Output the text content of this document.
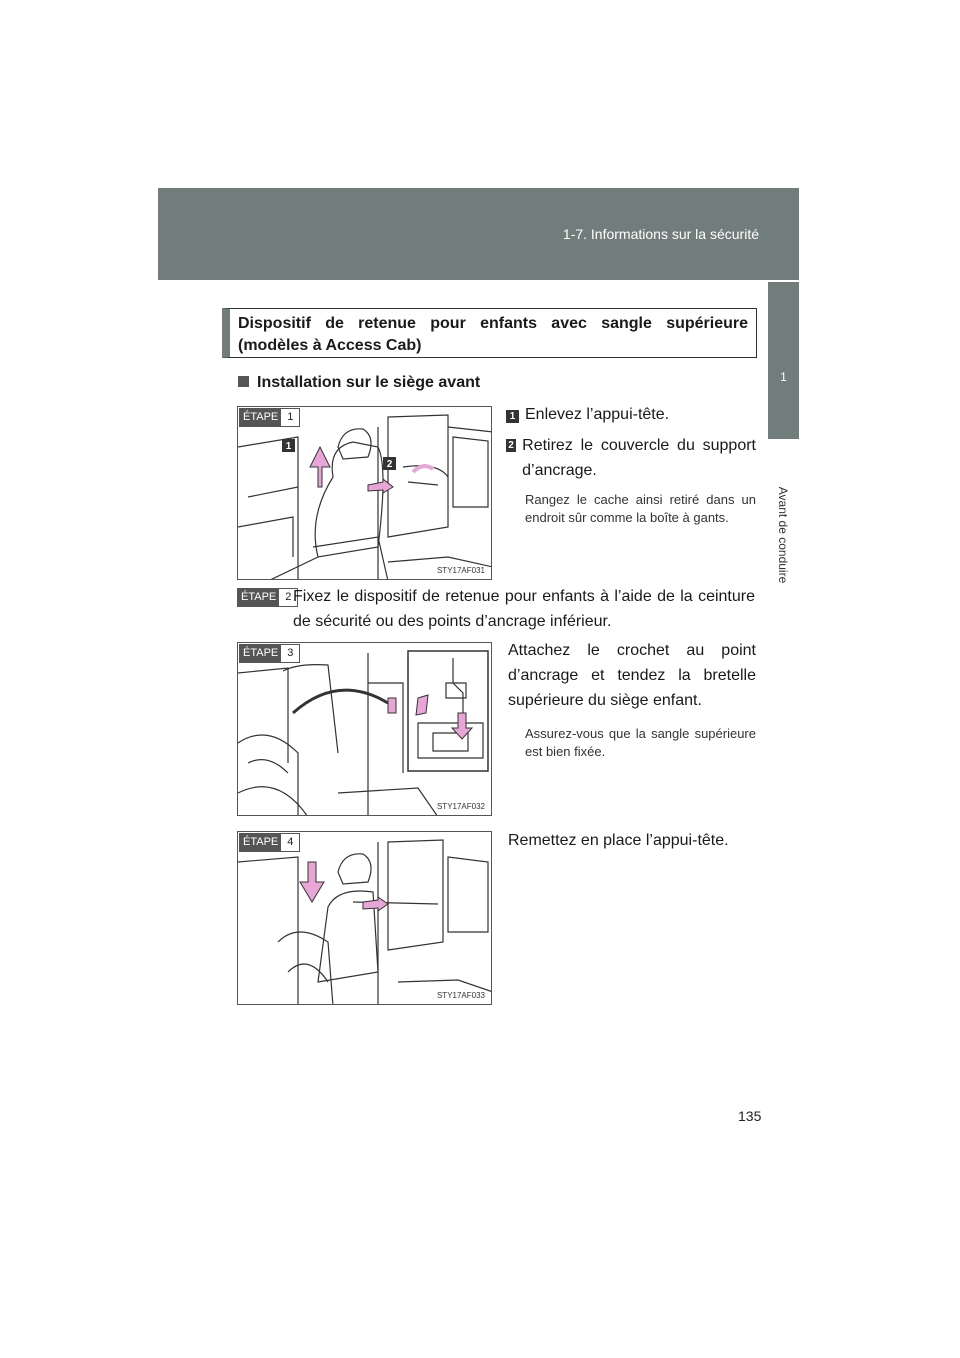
1-7. Informations sur la sécurité
1
Avant de conduire

Dispositif de retenue pour enfants avec sangle supérieure (modèles à Access Cab)

Installation sur le siège avant
1
2
ÉTAPE 1
STY17AF031
1 Enlevez l’appui-tête.
2 Retirez le couvercle du support d’ancrage.
Rangez le cache ainsi retiré dans un endroit sûr comme la boîte à gants.
ÉTAPE 2 Fixez le dispositif de retenue pour enfants à l’aide de la ceinture de sécurité ou des points d’ancrage inférieur.
ÉTAPE 3
STY17AF032
Attachez le crochet au point d’ancrage et tendez la bretelle supérieure du siège enfant.
Assurez-vous que la sangle supérieure est bien fixée.
ÉTAPE 4
STY17AF033
Remettez en place l’appui-tête.
135
